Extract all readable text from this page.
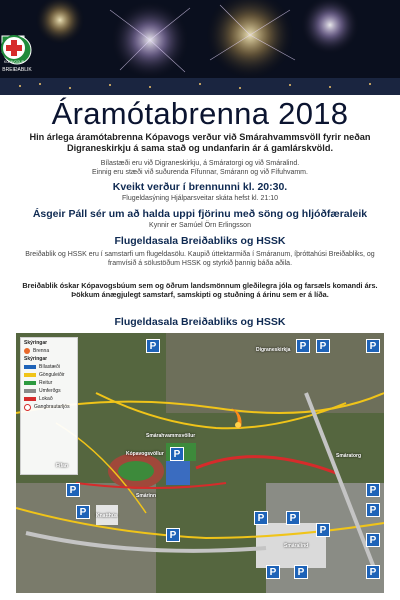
BREIÐABLIK
KÓPAVOGUR
Áramótabrenna 2018
Hin árlega áramótabrenna Kópavogs verður við Smárahvammsvöll fyrir neðan Digraneskirkju á sama stað og undanfarin ár á gamlárskvöld.
Bílastæði eru við Digraneskirkju, á Smáratorgi og við Smáralind.
Einnig eru stæði við suðurenda Fífunnar, Smárann og við Fífuhvamm.
Kveikt verður í brennunni kl. 20:30.
Flugeldasýning Hjálparsveitar skáta hefst kl. 21:10
Ásgeir Páll sér um að halda uppi fjörinu með söng og hljóðfæraleik
Kynnir er Samúel Örn Erlingsson
Flugeldasala Breiðabliks og HSSK
Breiðablik og HSSK eru í samstarfi um flugeldasölu. Kaupið úttektarmiða í Smáranum, íþróttahúsi Breiðabliks, og framvísið á sölustöðum HSSK og styrkið þannig báða aðila.
Breiðablik óskar Kópavogsbúum sem og öðrum landsmönnum gleðilegra jóla og farsæls komandi árs. Þökkum ánægjulegt samstarf, samskipti og stuðning á árinu sem er á líða.
Flugeldasala Breiðabliks og HSSK
Skýringar
Brenna
Skýringar
Bílastæði
Gönguleiðir
Reitur
Umferðgs
Lokað
Gangbrautarljós
P	P	P	P
P
P
P
P
P
P
P	P
P
P	P
P
P
Digraneskirkja
Kópavogsvöllur
Smárahvammsvöllur
Fífan
Knatthús
Smárinn
Smáralind
Smáratorg
